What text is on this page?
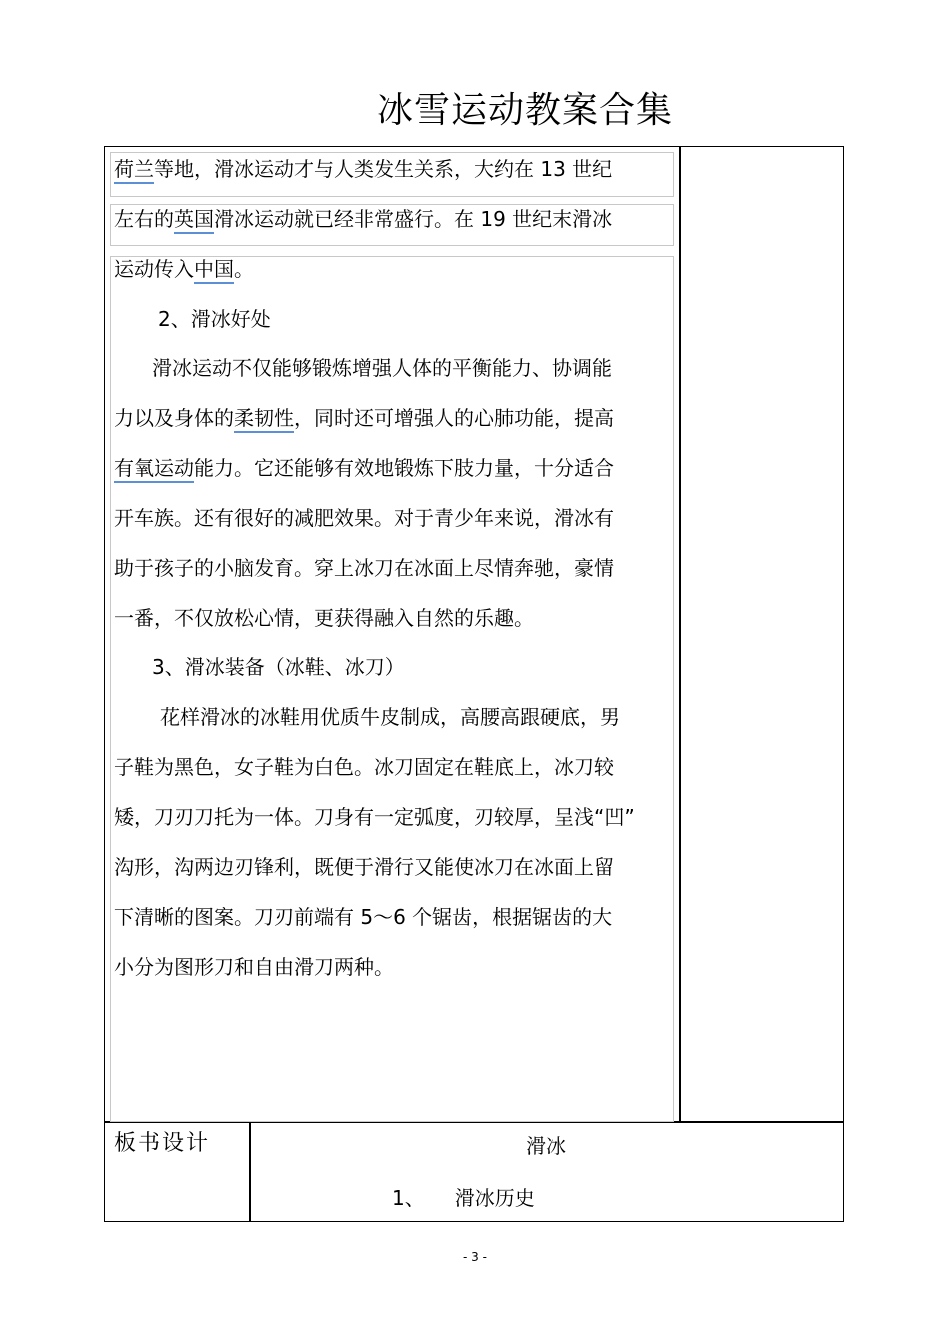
冰雪运动教案合集
荷兰等地，滑冰运动才与人类发生关系，大约在 13 世纪
左右的英国滑冰运动就已经非常盛行。在 19 世纪末滑冰
运动传入中国。
2、滑冰好处
滑冰运动不仅能够锻炼增强人体的平衡能力、协调能
力以及身体的柔韧性，同时还可增强人的心肺功能，提高
有氧运动能力。它还能够有效地锻炼下肢力量，十分适合
开车族。还有很好的减肥效果。对于青少年来说，滑冰有
助于孩子的小脑发育。穿上冰刀在冰面上尽情奔驰，豪情
一番，不仅放松心情，更获得融入自然的乐趣。
3、滑冰装备（冰鞋、冰刀）
花样滑冰的冰鞋用优质牛皮制成，高腰高跟硬底，男
子鞋为黑色，女子鞋为白色。冰刀固定在鞋底上，冰刀较
矮，刀刃刀托为一体。刀身有一定弧度，刃较厚，呈浅“凹”
沟形，沟两边刃锋利，既便于滑行又能使冰刀在冰面上留
下清晰的图案。刀刃前端有 5～6 个锯齿，根据锯齿的大
小分为图形刀和自由滑刀两种。
板书设计	滑冰
1、 滑冰历史
- 3 -
